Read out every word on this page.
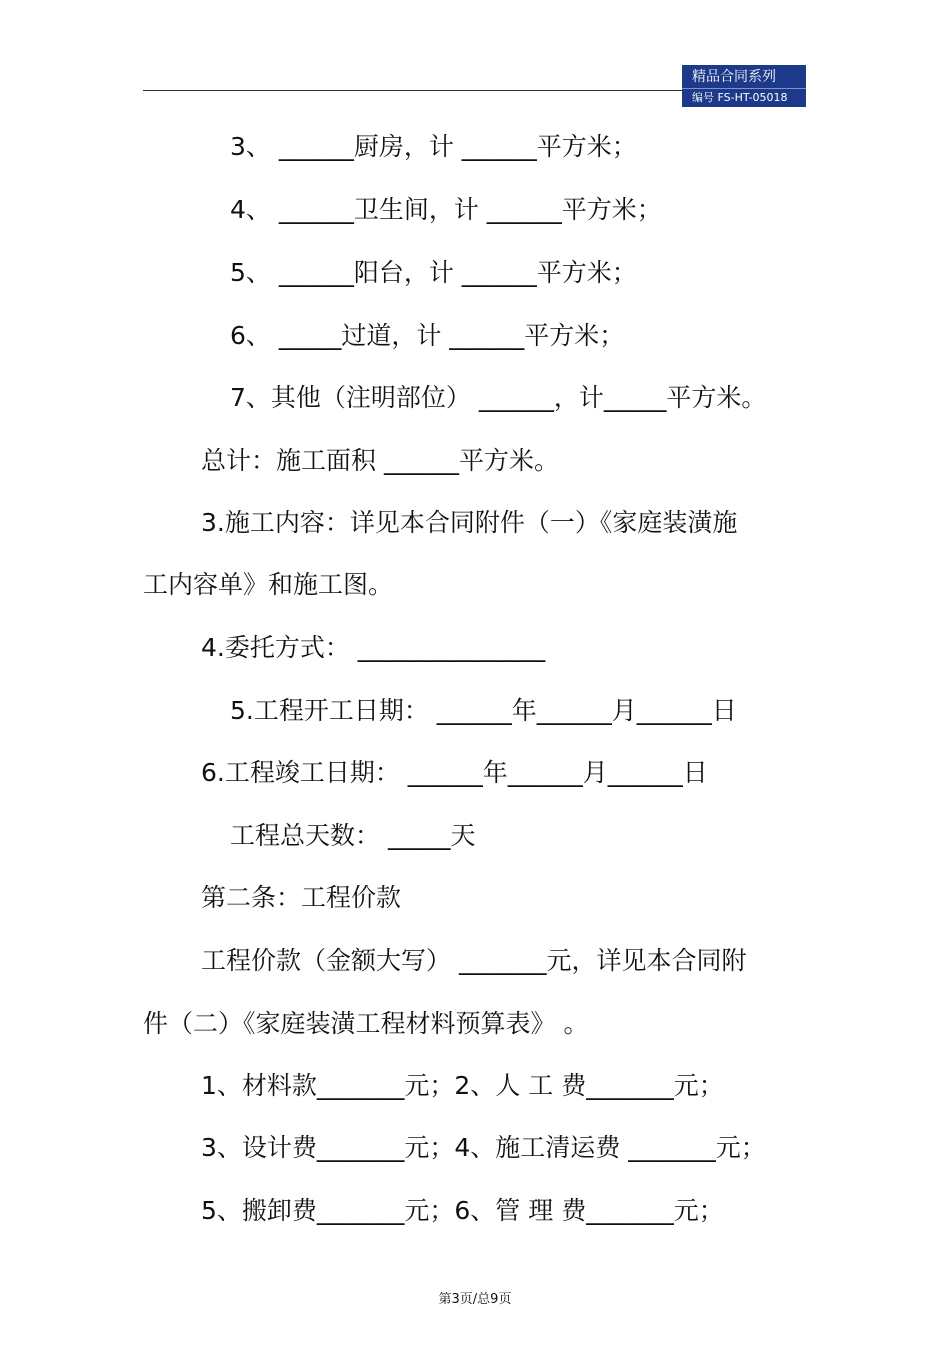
精品合同系列
编号 FS-HT-05018
3、 ______厨房，计 ______平方米；
4、 ______卫生间，计 ______平方米；
5、 ______阳台，计 ______平方米；
6、 _____过道，计 ______平方米；
7、其他（注明部位） ______，计_____平方米。
总计：施工面积 ______平方米。
3.施工内容：详见本合同附件（一）《家庭装潢施
工内容单》和施工图。
4.委托方式： _______________
5.工程开工日期： ______年______月______日
6.工程竣工日期： ______年______月______日
工程总天数： _____天
第二条：工程价款
工程价款（金额大写） _______元，详见本合同附
件（二）《家庭装潢工程材料预算表》 。
1、材料款_______元；2、人 工 费_______元；
3、设计费_______元；4、施工清运费 _______元；
5、搬卸费_______元；6、管 理 费_______元；
第3页/总9页
